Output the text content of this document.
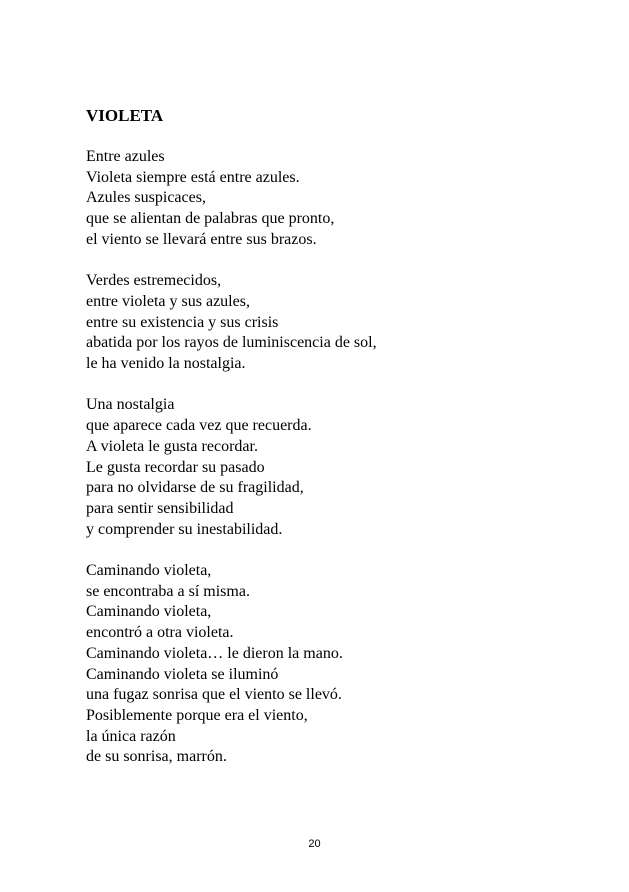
VIOLETA
Entre azules
Violeta siempre está entre azules.
Azules suspicaces,
que se alientan de palabras que pronto,
el viento se llevará entre sus brazos.
Verdes estremecidos,
entre violeta y sus azules,
entre su existencia y sus crisis
abatida por los rayos de luminiscencia de sol,
le ha venido la nostalgia.
Una nostalgia
que aparece cada vez que recuerda.
A violeta le gusta recordar.
Le gusta recordar su pasado
para no olvidarse de su fragilidad,
para sentir sensibilidad
y comprender su inestabilidad.
Caminando violeta,
se encontraba a sí misma.
Caminando violeta,
encontró a otra violeta.
Caminando violeta… le dieron la mano.
Caminando violeta se iluminó
una fugaz sonrisa que el viento se llevó.
Posiblemente porque era el viento,
la única razón
de su sonrisa, marrón.
20
